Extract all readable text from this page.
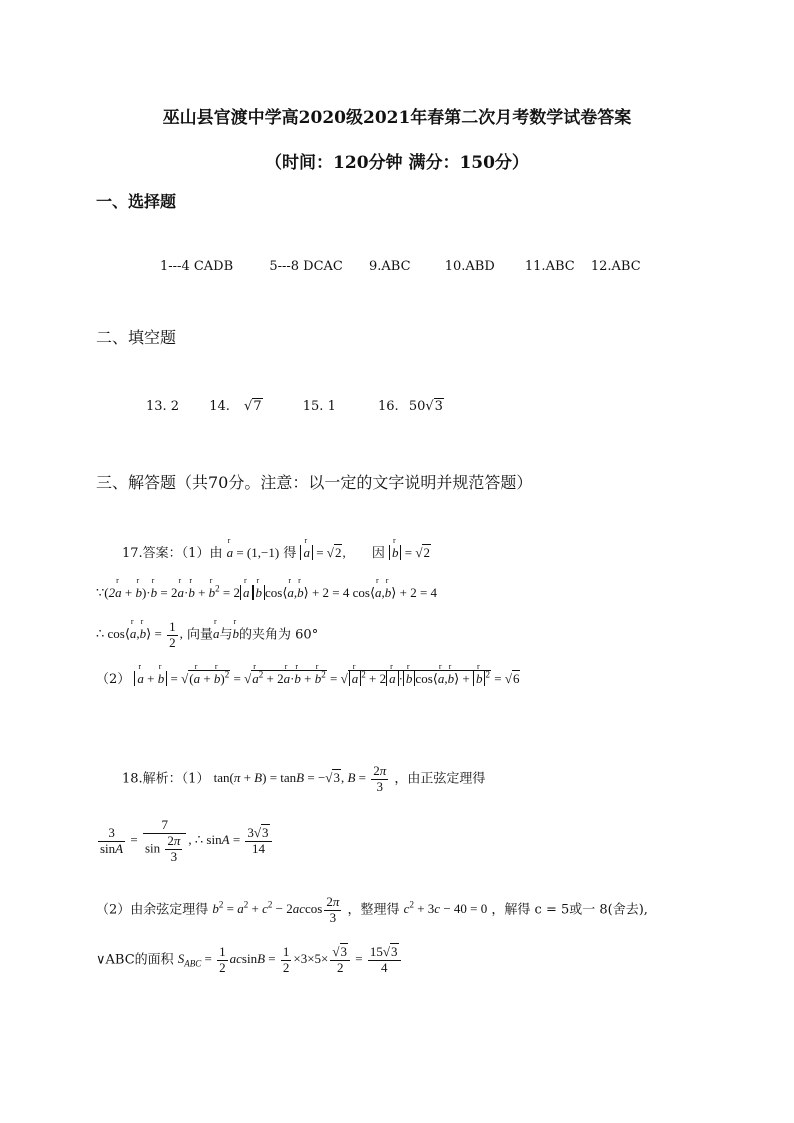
巫山县官渡中学高2020级2021年春第二次月考数学试卷答案
（时间：120分钟 满分：150分）
一、选择题
1---4 CADB	5---8 DCAC 9.ABC	10.ABD 11.ABC 12.ABC
二、填空题
13. 2 14. √7	15. 1	16. 50√3
三、解答题（共70分。注意：以一定的文字说明并规范答题）
17.答案：（1）由 r a = (1,−1) 得 r a = √2, 因 r b = √2
∵(2r a + r b)·r b = 2r a·r b + r $b^2 = 2r$ ar b cos⟨r a,r b⟩ + 2 = 4 cos⟨r a,r b⟩ + 2 = 4
∴ cos⟨r a,r b⟩ = $\frac{1}{2}$ , 向量r a与r b的夹角为 60°
（2） r a + r b = √(r a + r b)$^2$ = √r $a^2 + 2r$ a·r b + r $b^2 = √r$ a $^2$ + 2r a ·r b cos⟨r a,r b⟩ + r b $^2$ = √6
18.解析：（1） tan(π + B) = tanB = −√3, $B = \frac{2\pi}{3}$ ，由正弦定理得
$\frac{3}{\sin A} = \frac{7}{\sin \frac{2\pi}{3}}$ , ∴ $\sin A = \frac{3√3}{14}$
（2）由余弦定理得 $b^2 = a^2 + c^2 - 2accos \frac{2\pi}{3}$ ，整理得 $c^2 + 3c - 40 = 0$ ，解得 c = 5或一 8(舍去),
∨ABC的面积 $S_{ABC} = \frac{1}{2}$ $acsinB = \frac{1}{2} \times 3\times 5\times \frac{√3}{2} = \frac{15√3}{4}$
